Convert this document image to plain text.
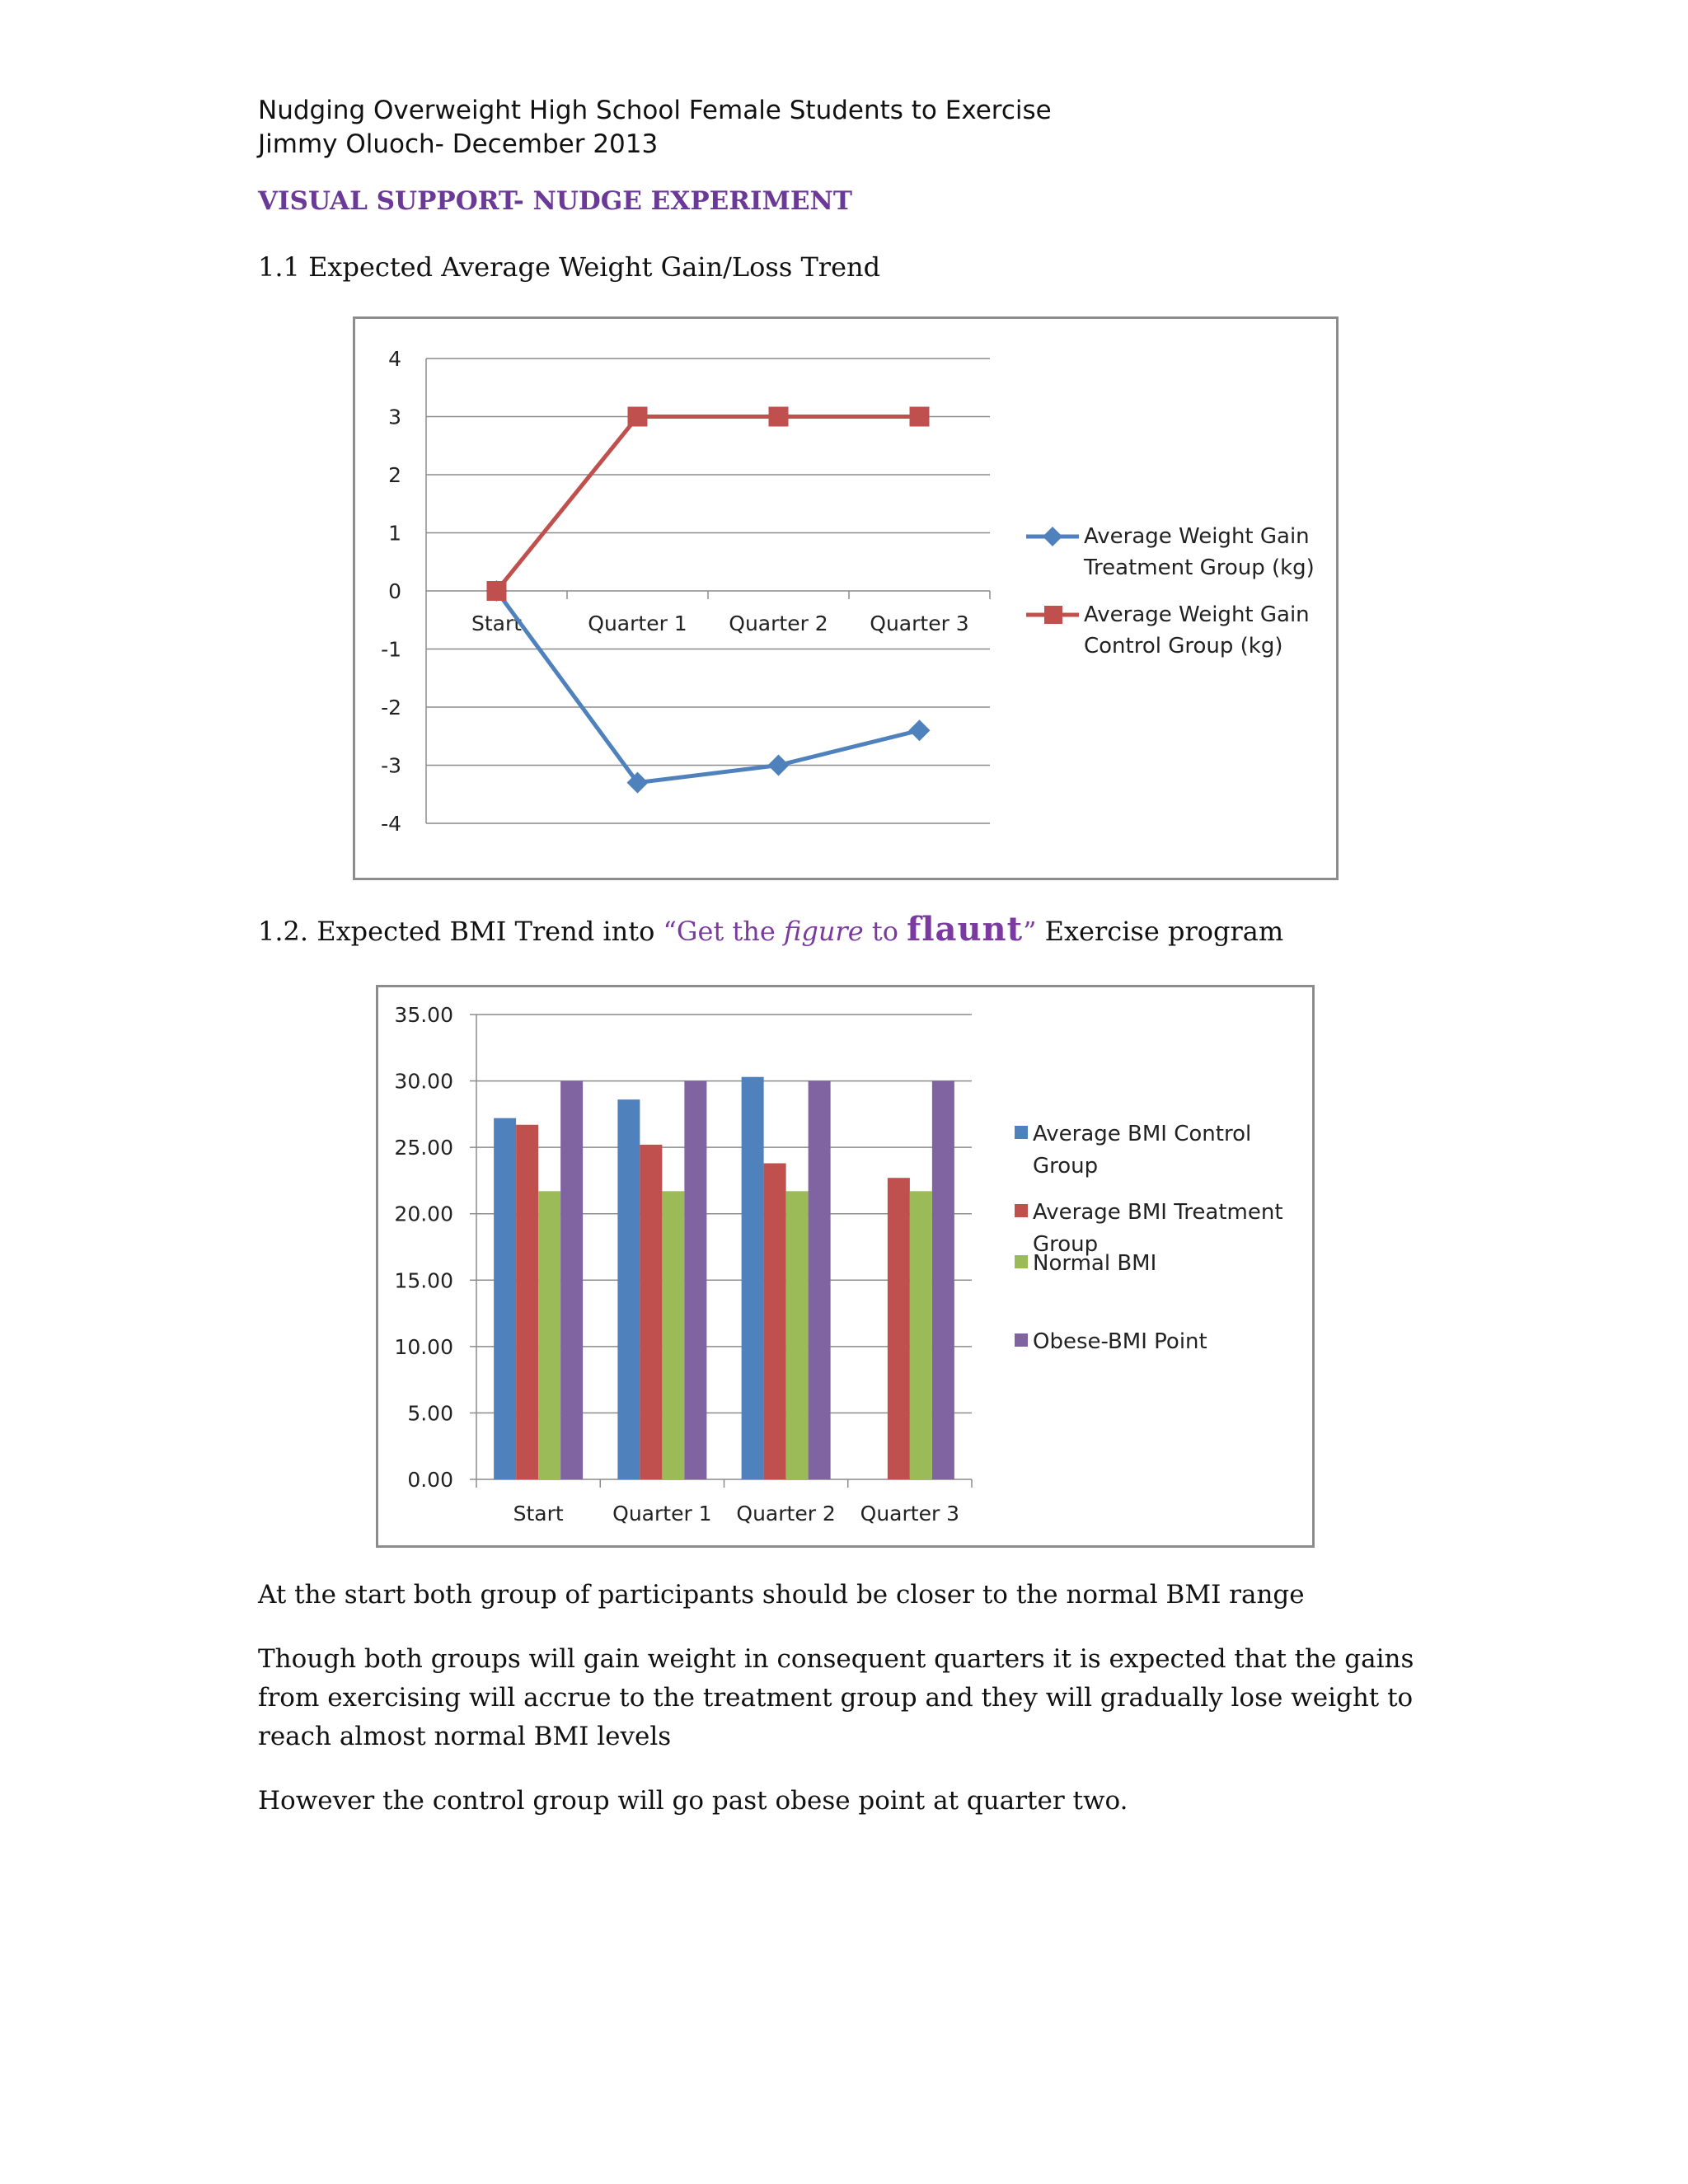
Nudging Overweight High School Female Students to Exercise
Jimmy Oluoch- December 2013
VISUAL SUPPORT- NUDGE EXPERIMENT
1.1 Expected Average Weight Gain/Loss Trend
4
3
2
1
0
-1
-2
-3
-4
Start	Quarter 1 Quarter 2 Quarter 3
Average Weight Gain
Treatment Group (kg)
Average Weight Gain
Control Group (kg)
1.2. Expected BMI Trend into “Get the figure to flaunt” Exercise program
35.00
30.00
25.00
20.00
15.00
10.00
5.00
0.00
Start Quarter 1 Quarter 2 Quarter 3
Average BMI Control
Group
Average BMI Treatment
Group
Normal BMI
Obese-BMI Point
At the start both group of participants should be closer to the normal BMI range
Though both groups will gain weight in consequent quarters it is expected that the gains from exercising will accrue to the treatment group and they will gradually lose weight to reach almost normal BMI levels
However the control group will go past obese point at quarter two.
